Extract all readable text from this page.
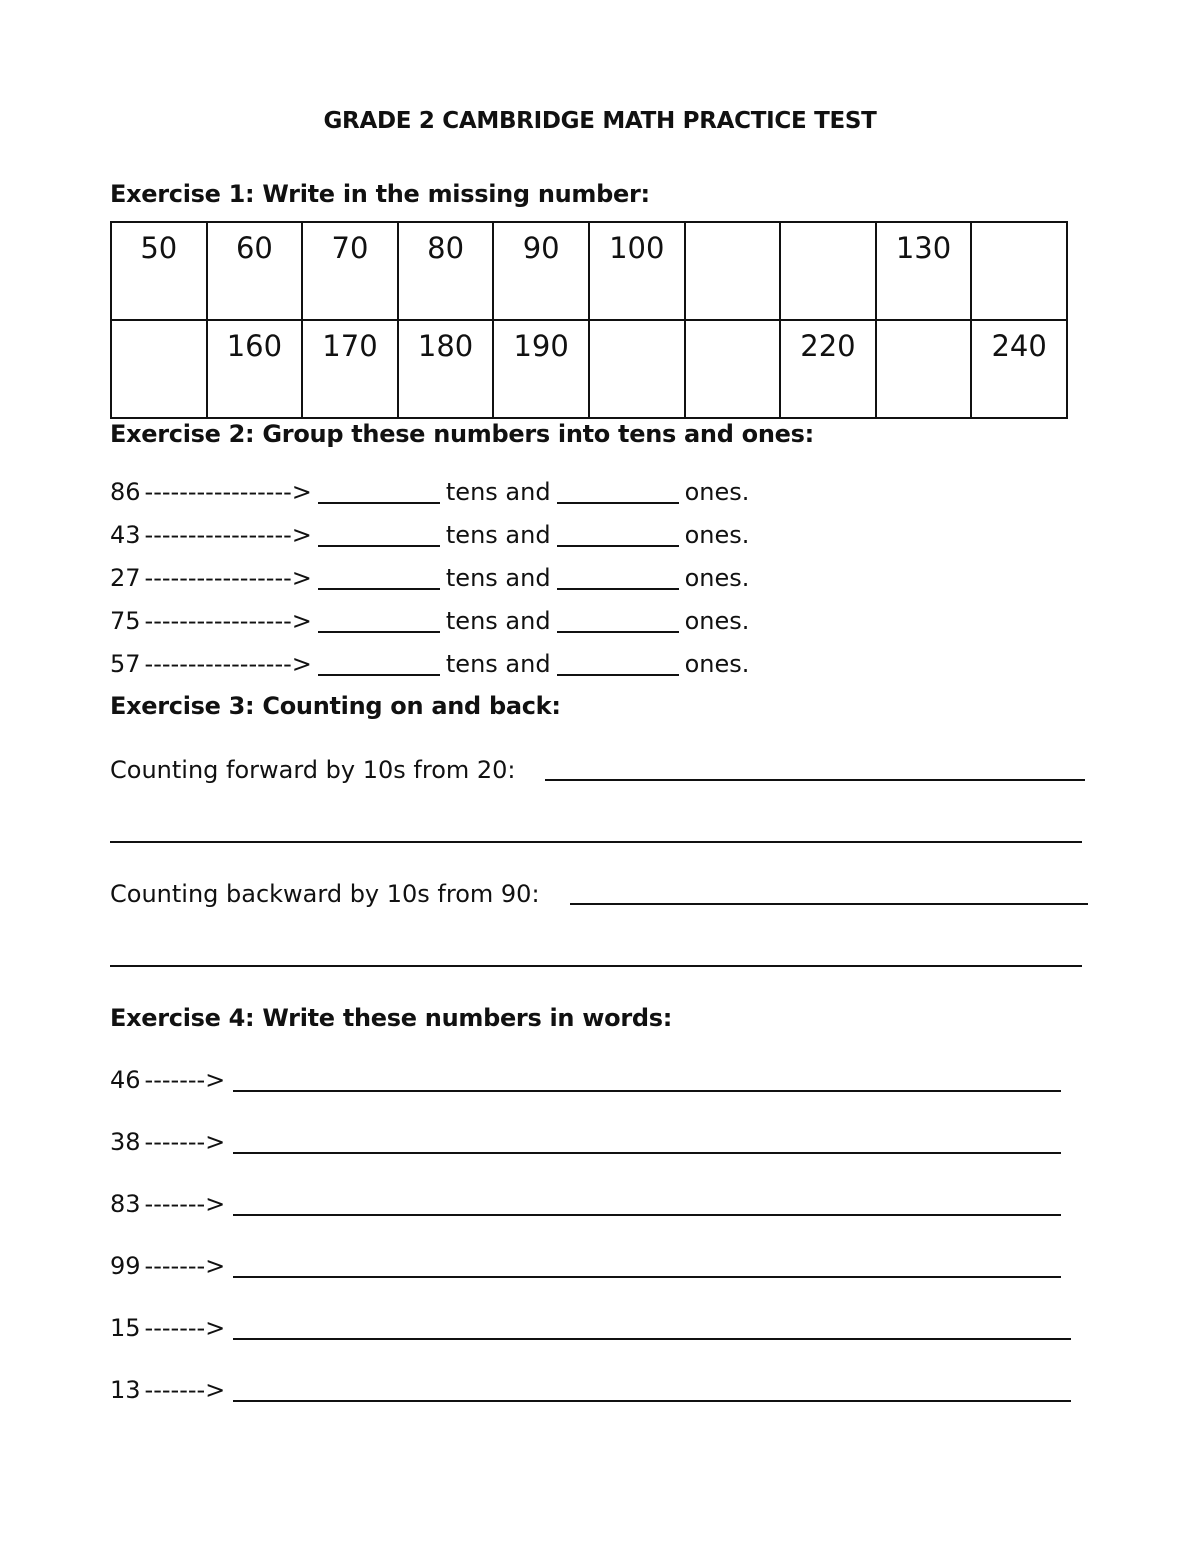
GRADE 2 CAMBRIDGE MATH PRACTICE TEST
Exercise 1: Write in the missing number:
50	60	70	80	90	100			130	
	160	170	180	190			220		240
Exercise 2: Group these numbers into tens and ones:
86 ----------------->	tens and	ones.
43 ----------------->	tens and	ones.
27 ----------------->	tens and	ones.
75 ----------------->	tens and	ones.
57 ----------------->	tens and	ones.
Exercise 3: Counting on and back:
Counting forward by 10s from 20:
Counting backward by 10s from 90:
Exercise 4: Write these numbers in words:
46 ------->
38 ------->
83 ------->
99 ------->
15 ------->
13 ------->
